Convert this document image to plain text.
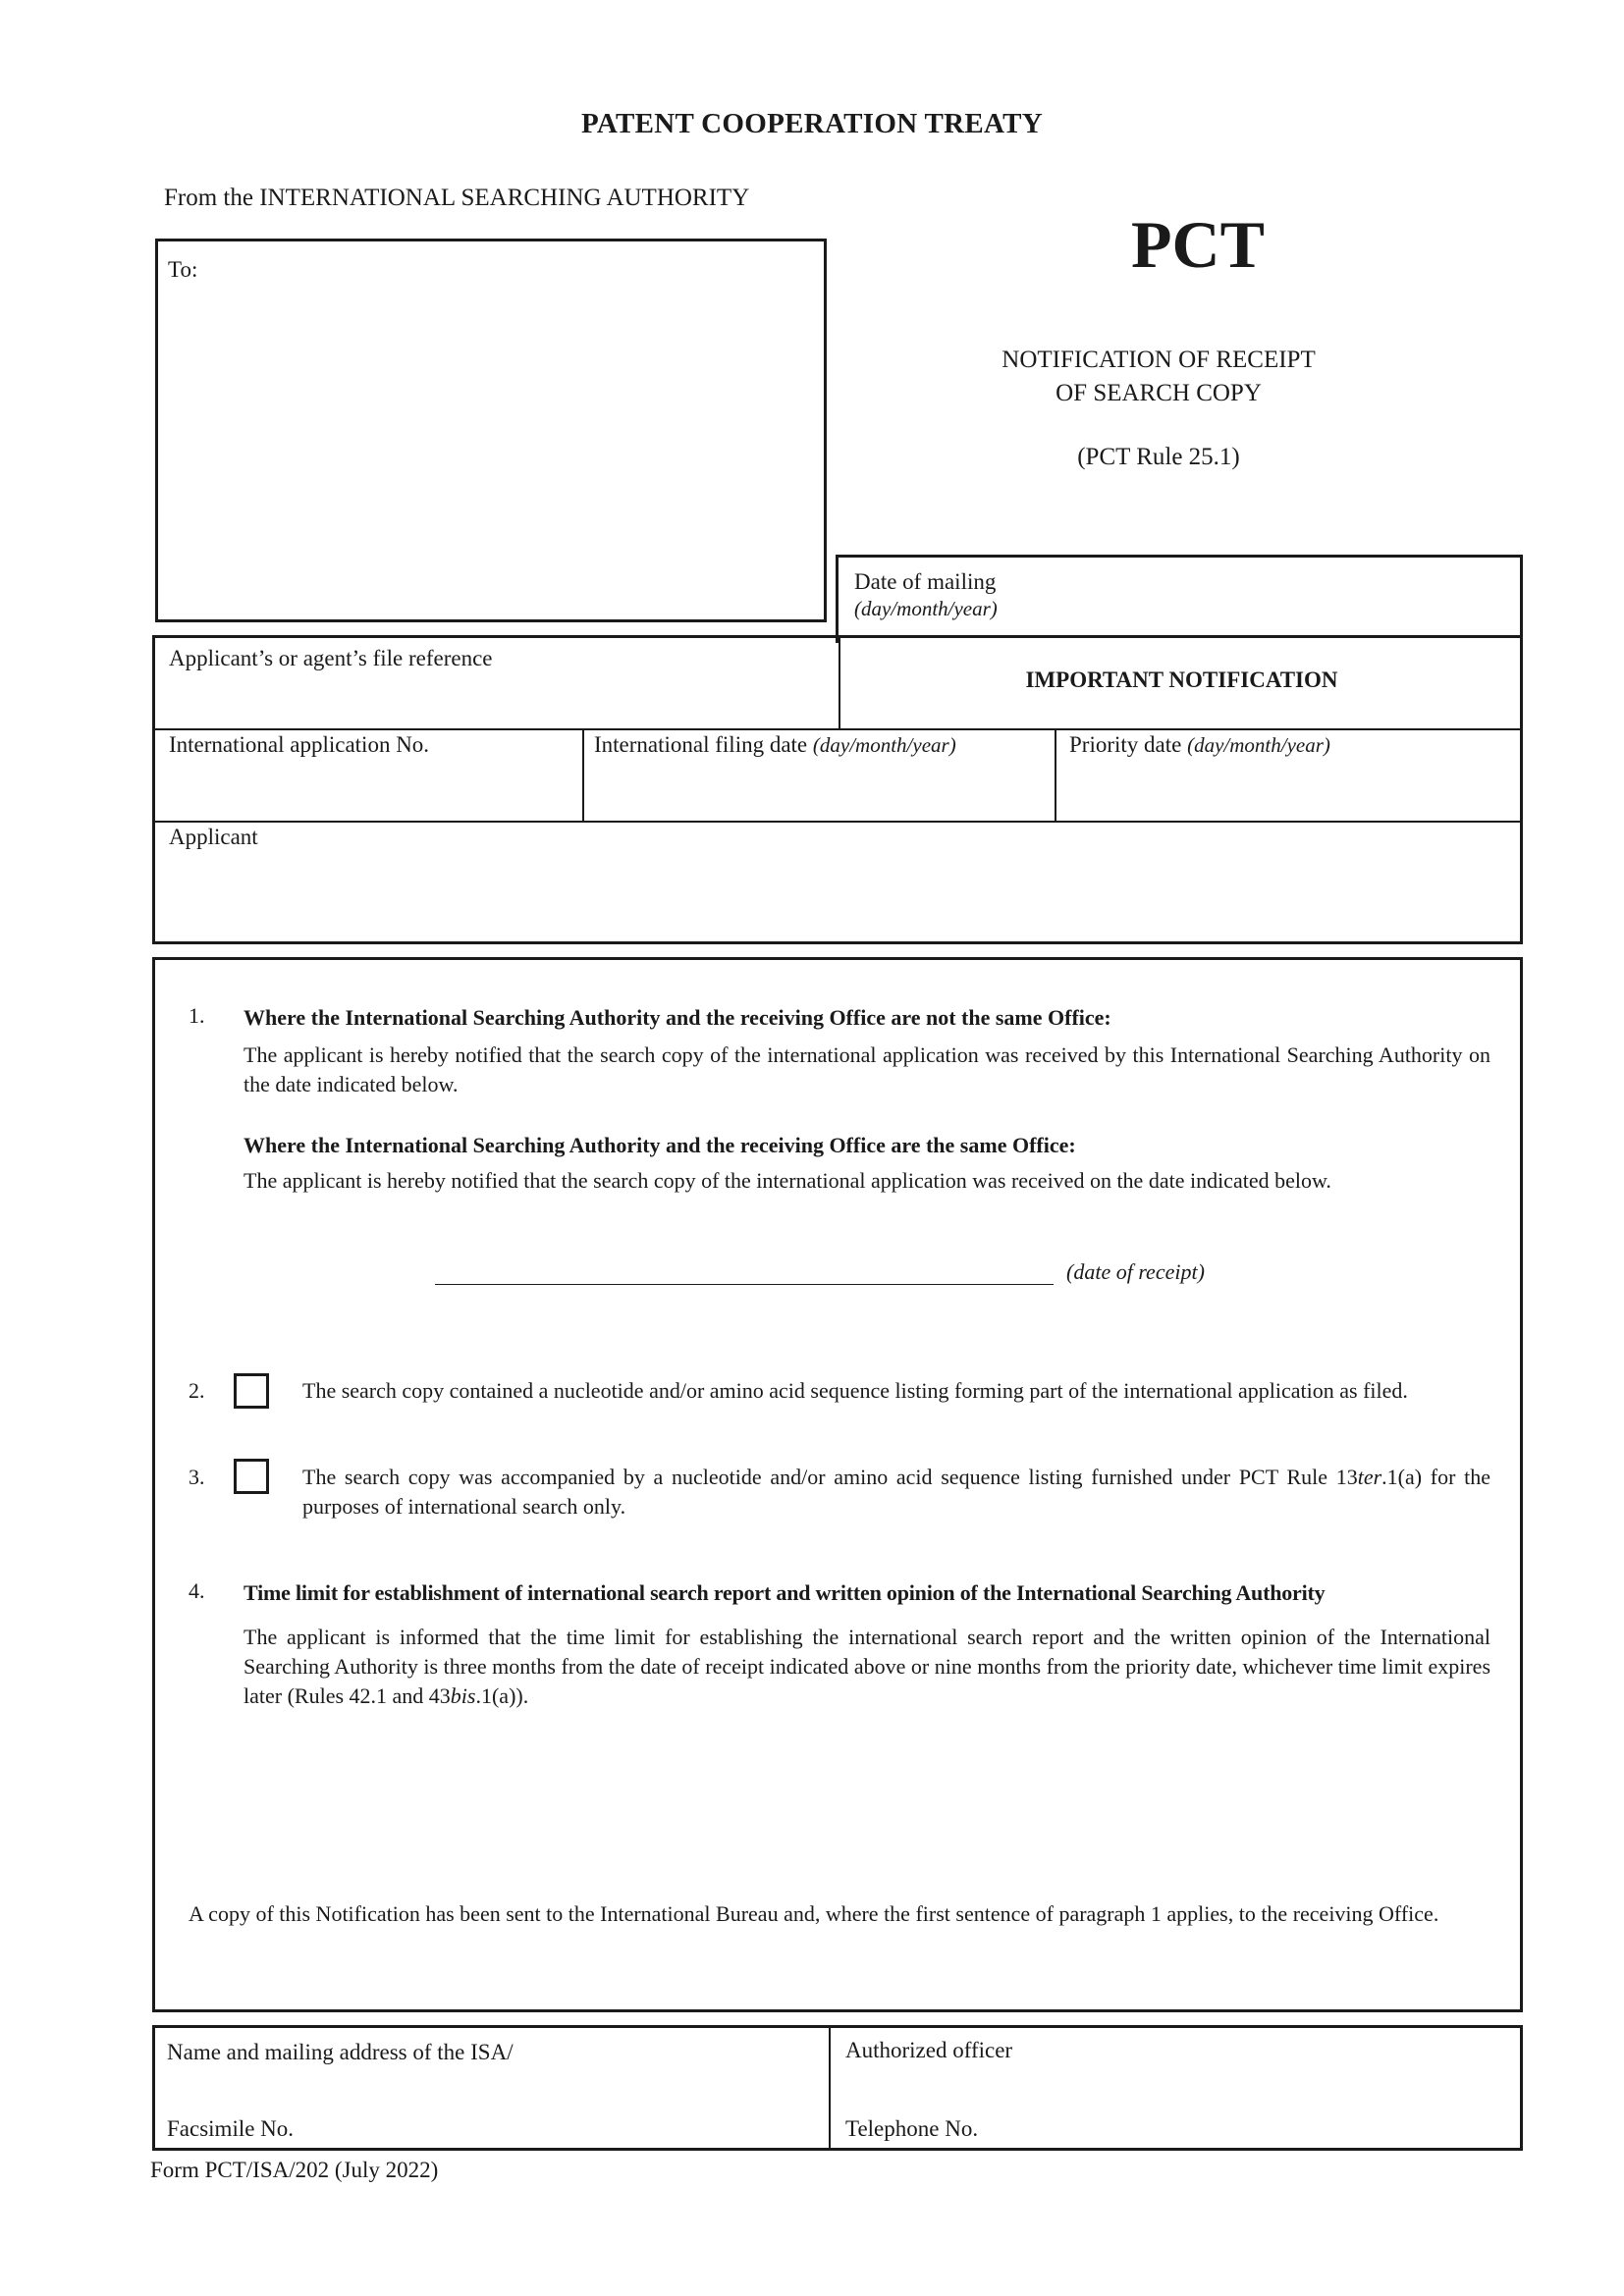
PATENT COOPERATION TREATY
From the INTERNATIONAL SEARCHING AUTHORITY
PCT
NOTIFICATION OF RECEIPT
OF SEARCH COPY
(PCT Rule 25.1)
To:
Date of mailing
(day/month/year)
Applicant’s or agent’s file reference
IMPORTANT NOTIFICATION
International application No.	International filing date (day/month/year)	Priority date (day/month/year)
Applicant
1. Where the International Searching Authority and the receiving Office are not the same Office:
The applicant is hereby notified that the search copy of the international application was received by this International Searching Authority on the date indicated below.
Where the International Searching Authority and the receiving Office are the same Office:
The applicant is hereby notified that the search copy of the international application was received on the date indicated below.
(date of receipt)
2.	The search copy contained a nucleotide and/or amino acid sequence listing forming part of the international application as filed.
3.	The search copy was accompanied by a nucleotide and/or amino acid sequence listing furnished under PCT Rule 13ter.1(a) for the purposes of international search only.
4. Time limit for establishment of international search report and written opinion of the International Searching Authority
The applicant is informed that the time limit for establishing the international search report and the written opinion of the International Searching Authority is three months from the date of receipt indicated above or nine months from the priority date, whichever time limit expires later (Rules 42.1 and 43bis.1(a)).
A copy of this Notification has been sent to the International Bureau and, where the first sentence of paragraph 1 applies, to the receiving Office.
Name and mailing address of the ISA/
Facsimile No.
Authorized officer
Telephone No.
Form PCT/ISA/202 (July 2022)
